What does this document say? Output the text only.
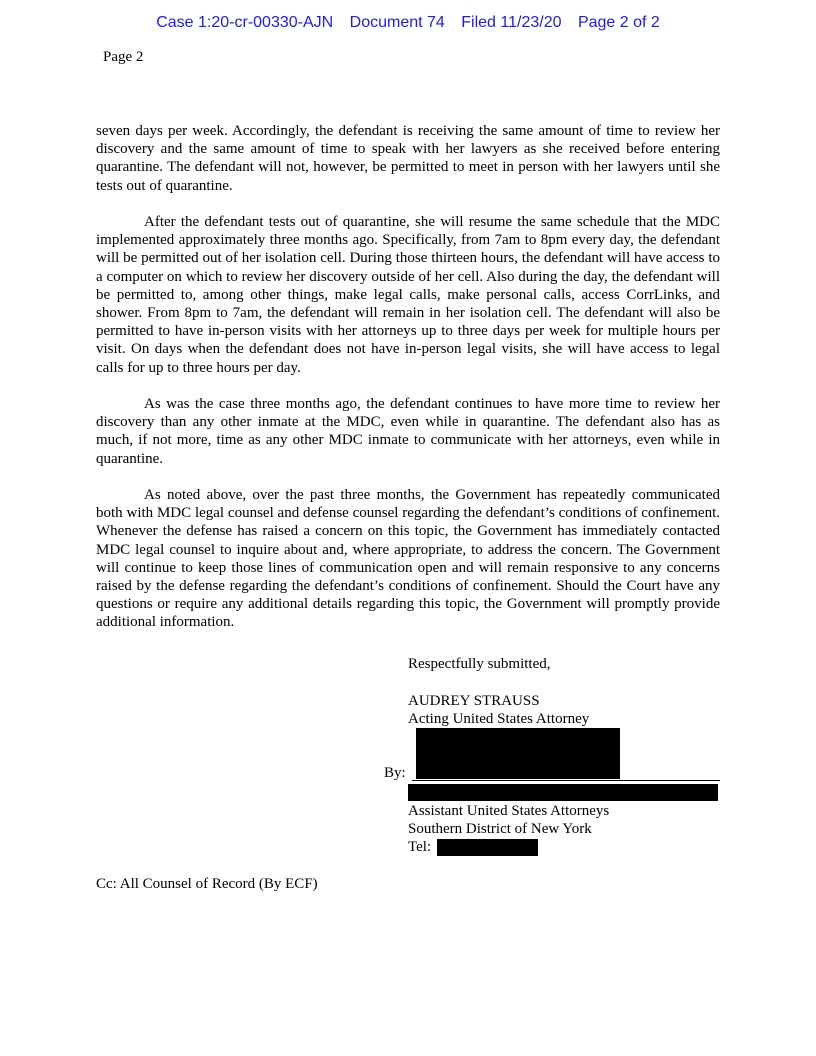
Case 1:20-cr-00330-AJN Document 74 Filed 11/23/20 Page 2 of 2
Page 2

seven days per week. Accordingly, the defendant is receiving the same amount of time to review her discovery and the same amount of time to speak with her lawyers as she received before entering quarantine. The defendant will not, however, be permitted to meet in person with her lawyers until she tests out of quarantine.

After the defendant tests out of quarantine, she will resume the same schedule that the MDC implemented approximately three months ago. Specifically, from 7am to 8pm every day, the defendant will be permitted out of her isolation cell. During those thirteen hours, the defendant will have access to a computer on which to review her discovery outside of her cell. Also during the day, the defendant will be permitted to, among other things, make legal calls, make personal calls, access CorrLinks, and shower. From 8pm to 7am, the defendant will remain in her isolation cell. The defendant will also be permitted to have in-person visits with her attorneys up to three days per week for multiple hours per visit. On days when the defendant does not have in-person legal visits, she will have access to legal calls for up to three hours per day.

As was the case three months ago, the defendant continues to have more time to review her discovery than any other inmate at the MDC, even while in quarantine. The defendant also has as much, if not more, time as any other MDC inmate to communicate with her attorneys, even while in quarantine.

As noted above, over the past three months, the Government has repeatedly communicated both with MDC legal counsel and defense counsel regarding the defendant’s conditions of confinement. Whenever the defense has raised a concern on this topic, the Government has immediately contacted MDC legal counsel to inquire about and, where appropriate, to address the concern. The Government will continue to keep those lines of communication open and will remain responsive to any concerns raised by the defense regarding the defendant’s conditions of confinement. Should the Court have any questions or require any additional details regarding this topic, the Government will promptly provide additional information.

Respectfully submitted,
AUDREY STRAUSS
Acting United States Attorney
By:
Assistant United States Attorneys
Southern District of New York
Tel:
Cc: All Counsel of Record (By ECF)
